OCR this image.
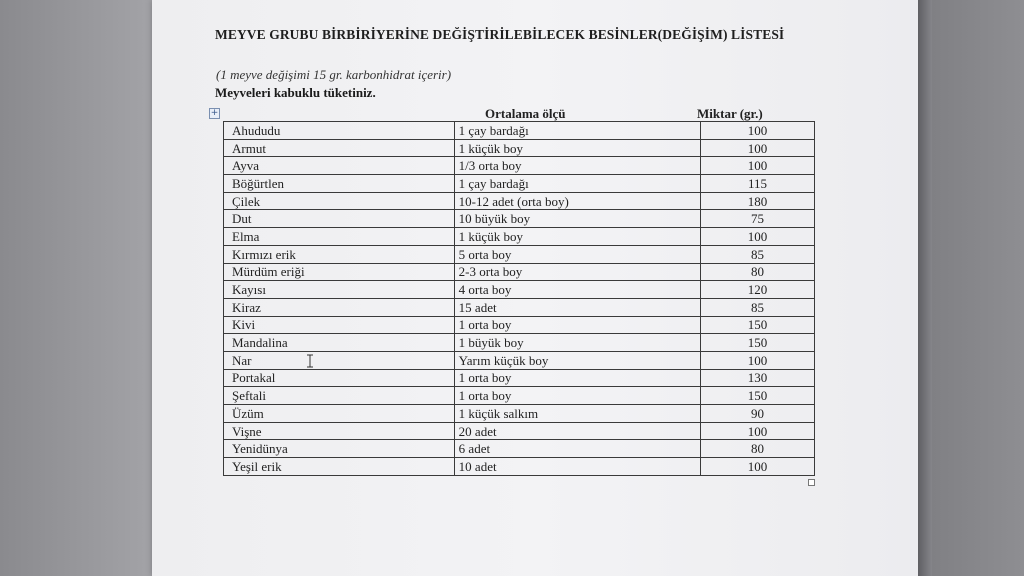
MEYVE GRUBU BİRBİRİYERİNE DEĞİŞTİRİLEBİLECEK BESİNLER(DEĞİŞİM) LİSTESİ
(1 meyve değişimi 15 gr. karbonhidrat içerir)
Meyveleri kabuklu tüketiniz.
+	Ortalama ölçü	Miktar (gr.)
Ahududu	1 çay bardağı	100
Armut	1 küçük boy	100
Ayva	1/3 orta boy	100
Böğürtlen	1 çay bardağı	115
Çilek	10-12 adet (orta boy)	180
Dut	10 büyük boy	75
Elma	1 küçük boy	100
Kırmızı erik	5 orta boy	85
Mürdüm eriği	2-3 orta boy	80
Kayısı	4 orta boy	120
Kiraz	15 adet	85
Kivi	1 orta boy	150
Mandalina	1 büyük boy	150
Nar	Yarım küçük boy	100
Portakal	1 orta boy	130
Şeftali	1 orta boy	150
Üzüm	1 küçük salkım	90
Vişne	20 adet	100
Yenidünya	6 adet	80
Yeşil erik	10 adet	100
